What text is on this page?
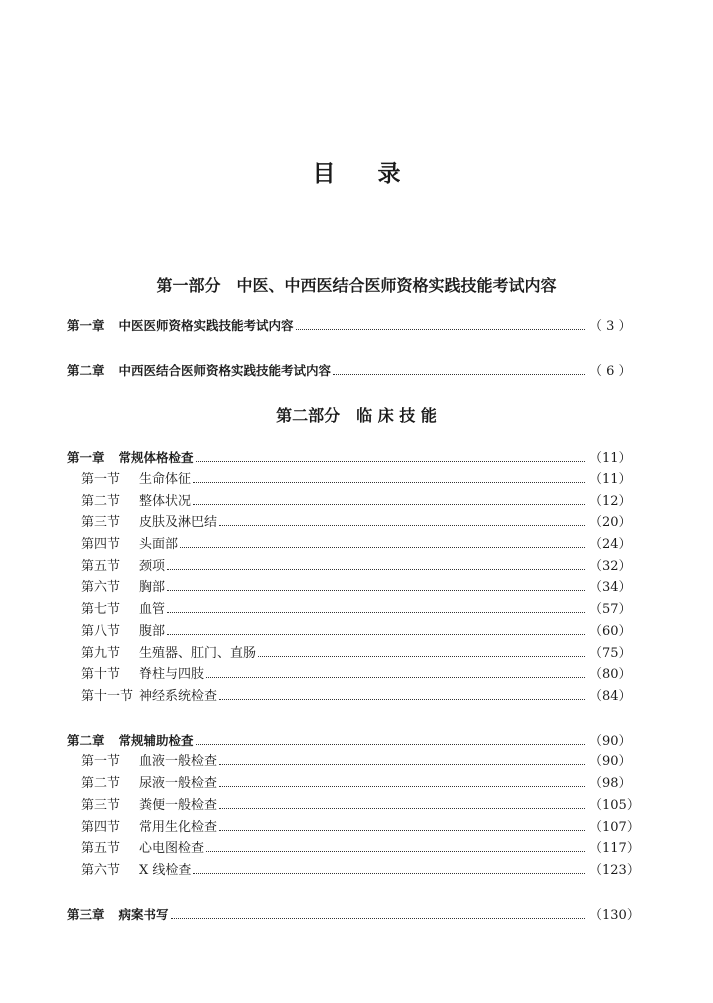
目录
第一部分　中医、中西医结合医师资格实践技能考试内容
第一章 中医医师资格实践技能考试内容	（ 3 ）
第二章 中西医结合医师资格实践技能考试内容	（ 6 ）
第二部分　临 床 技 能
第一章 常规体格检查	（11）
第一节	生命体征	（11）
第二节	整体状况	（12）
第三节	皮肤及淋巴结	（20）
第四节	头面部	（24）
第五节	颈项	（32）
第六节	胸部	（34）
第七节	血管	（57）
第八节	腹部	（60）
第九节	生殖器、肛门、直肠	（75）
第十节	脊柱与四肢	（80）
第十一节 神经系统检查	（84）
第二章 常规辅助检查	（90）
第一节	血液一般检查	（90）
第二节	尿液一般检查	（98）
第三节	粪便一般检查	（105）
第四节	常用生化检查	（107）
第五节	心电图检查	（117）
第六节	X 线检查	（123）
第三章 病案书写	（130）
